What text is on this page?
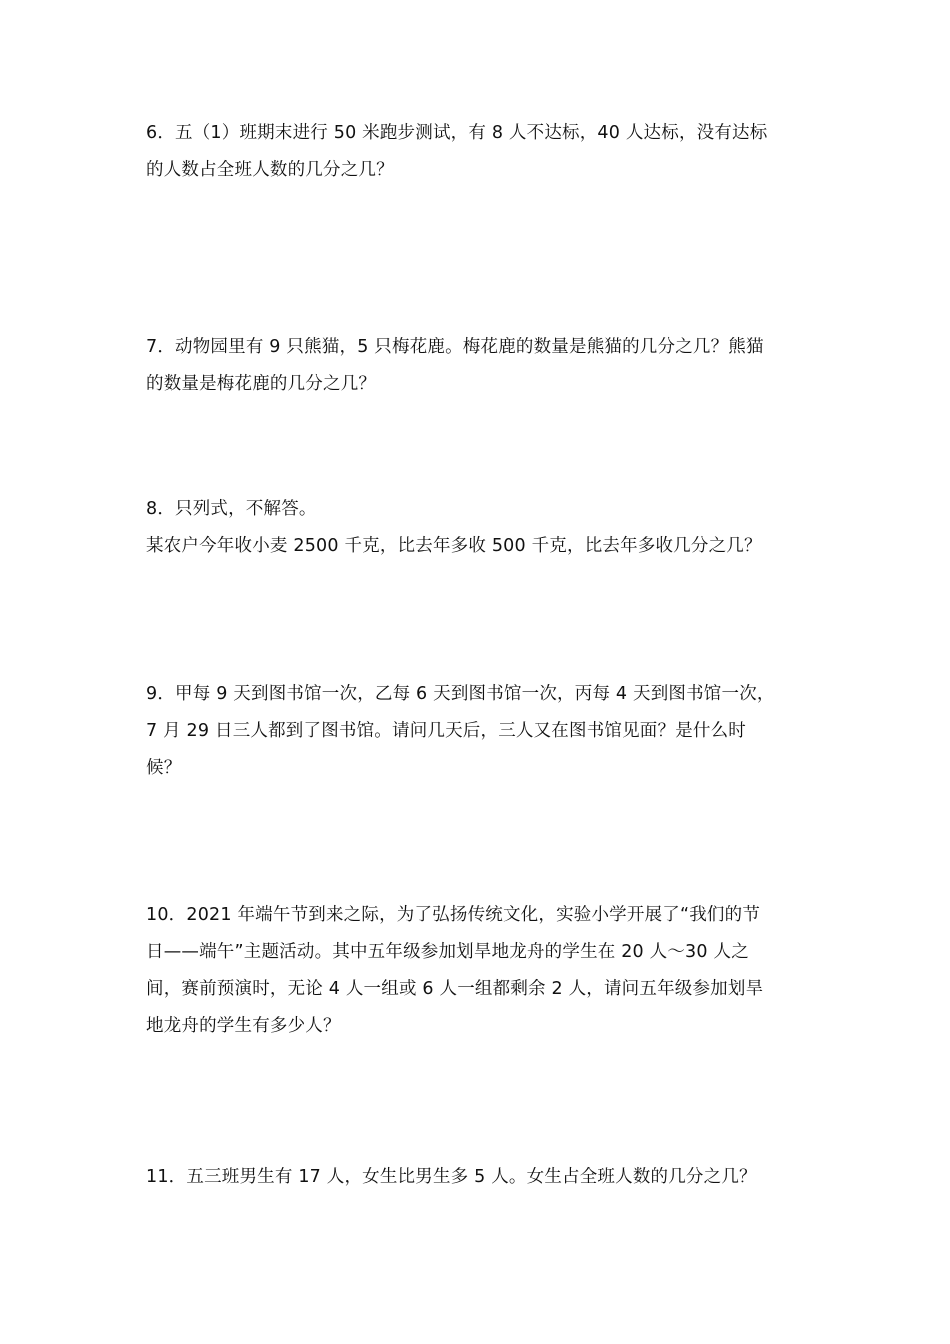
6．五（1）班期末进行 50 米跑步测试，有 8 人不达标，40 人达标，没有达标
的人数占全班人数的几分之几？
7．动物园里有 9 只熊猫，5 只梅花鹿。梅花鹿的数量是熊猫的几分之几？熊猫
的数量是梅花鹿的几分之几？
8．只列式，不解答。
某农户今年收小麦 2500 千克，比去年多收 500 千克，比去年多收几分之几？
9．甲每 9 天到图书馆一次，乙每 6 天到图书馆一次，丙每 4 天到图书馆一次，
7 月 29 日三人都到了图书馆。请问几天后，三人又在图书馆见面？是什么时
候？
10．2021 年端午节到来之际，为了弘扬传统文化，实验小学开展了“我们的节
日——端午”主题活动。其中五年级参加划旱地龙舟的学生在 20 人～30 人之
间，赛前预演时，无论 4 人一组或 6 人一组都剩余 2 人，请问五年级参加划旱
地龙舟的学生有多少人？
11．五三班男生有 17 人，女生比男生多 5 人。女生占全班人数的几分之几？
